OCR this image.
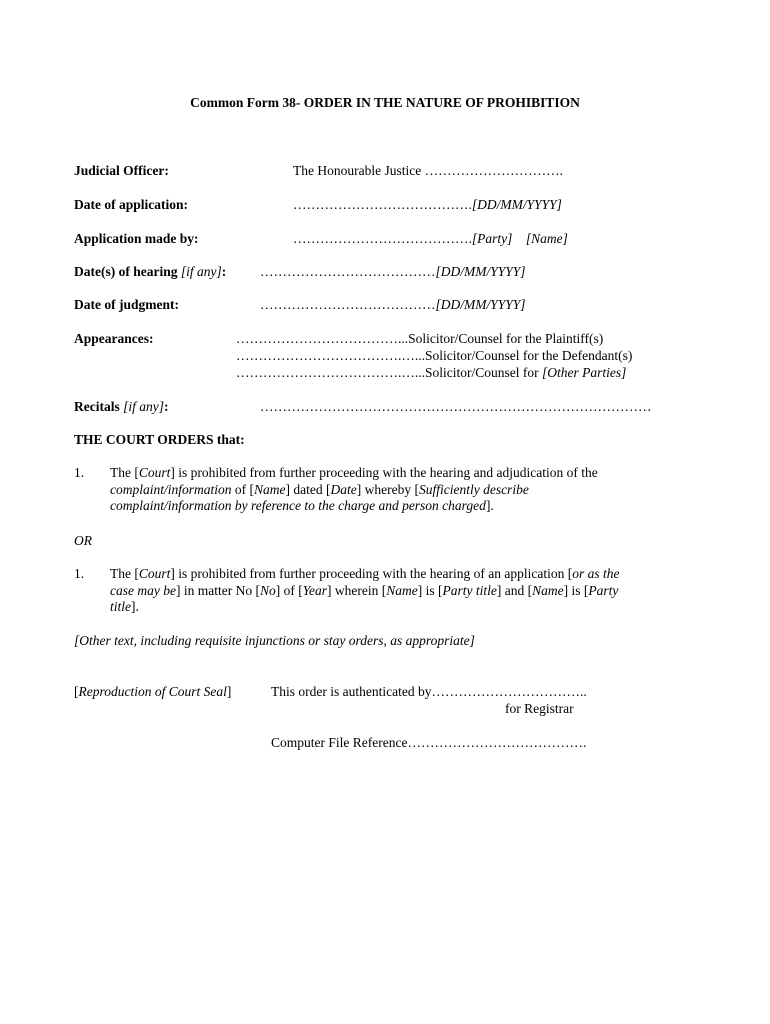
Common Form 38- ORDER IN THE NATURE OF PROHIBITION
Judicial Officer:	The Honourable Justice ………………………….
Date of application:	………………………………….[DD/MM/YYYY]
Application made by:	………………………………….[Party]    [Name]
Date(s) of hearing [if any]:	…………………………………[DD/MM/YYYY]
Date of judgment:	…………………………………[DD/MM/YYYY]
Appearances:	………………………………...Solicitor/Counsel for the Plaintiff(s)
……………………………….…...Solicitor/Counsel for the Defendant(s)
……………………………….…...Solicitor/Counsel for [Other Parties]
Recitals [if any]:	……………………………………………………………………………
THE COURT ORDERS that:
1. The [Court] is prohibited from further proceeding with the hearing and adjudication of the
complaint/information of [Name] dated [Date] whereby [Sufficiently describe
complaint/information by reference to the charge and person charged].
OR
1. The [Court] is prohibited from further proceeding with the hearing of an application [or as the
case may be] in matter No [No] of [Year] wherein [Name] is [Party title] and [Name] is [Party
title].
[Other text, including requisite injunctions or stay orders, as appropriate]
[Reproduction of Court Seal]	This order is authenticated by……………………………..
for Registrar
Computer File Reference………………………………….
